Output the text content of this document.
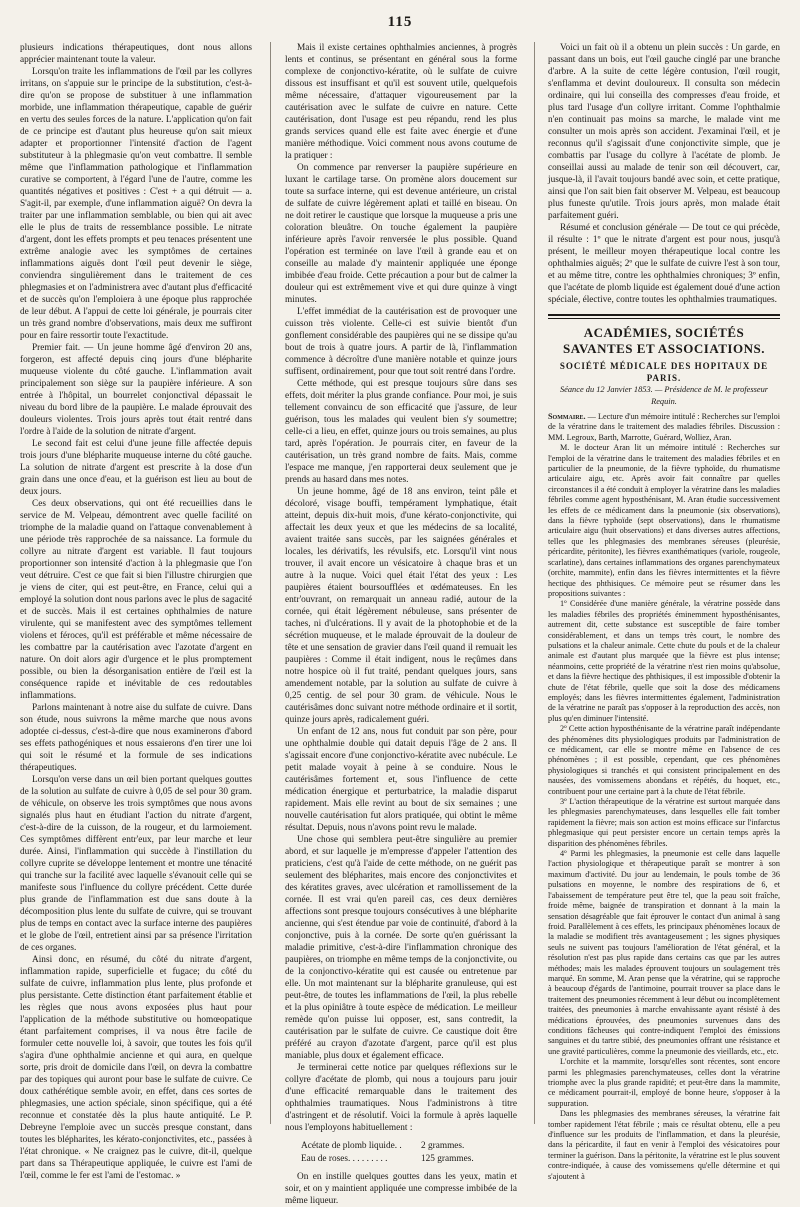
115

plusieurs indications thérapeutiques, dont nous allons apprécier maintenant toute la valeur.

Lorsqu'on traite les inflammations de l'œil par les collyres irritans, on s'appuie sur le principe de la substitution, c'est-à-dire qu'on se propose de substituer à une inflammation morbide, une inflammation thérapeutique, capable de guérir en vertu des seules forces de la nature. L'application qu'on fait de ce principe est d'autant plus heureuse qu'on sait mieux adapter et proportionner l'intensité d'action de l'agent substituteur à la phlegmasie qu'on veut combattre. Il semble même que l'inflammation pathologique et l'inflammation curative se comportent, à l'égard l'une de l'autre, comme les quantités négatives et positives : C'est + a qui détruit — a. S'agit-il, par exemple, d'une inflammation aiguë? On devra la traiter par une inflammation semblable, ou bien qui ait avec elle le plus de traits de ressemblance possible. Le nitrate d'argent, dont les effets prompts et peu tenaces présentent une extrême analogie avec les symptômes de certaines inflammations aiguës dont l'œil peut devenir le siège, conviendra singulièrement dans le traitement de ces phlegmasies et on l'administrera avec d'autant plus d'efficacité et de succès qu'on l'emploiera à une époque plus rapprochée de leur début. A l'appui de cette loi générale, je pourrais citer un très grand nombre d'observations, mais deux me suffiront pour en faire ressortir toute l'exactitude.

Premier fait. — Un jeune homme âgé d'environ 20 ans, forgeron, est affecté depuis cinq jours d'une blépharite muqueuse violente du côté gauche. L'inflammation avait principalement son siège sur la paupière inférieure. A son entrée à l'hôpital, un bourrelet conjonctival dépassait le niveau du bord libre de la paupière. Le malade éprouvait des douleurs violentes. Trois jours après tout était rentré dans l'ordre à l'aide de la solution de nitrate d'argent.

Le second fait est celui d'une jeune fille affectée depuis trois jours d'une blépharite muqueuse interne du côté gauche. La solution de nitrate d'argent est prescrite à la dose d'un grain dans une once d'eau, et la guérison est lieu au bout de deux jours.

Ces deux observations, qui ont été recueillies dans le service de M. Velpeau, démontrent avec quelle facilité on triomphe de la maladie quand on l'attaque convenablement à une période très rapprochée de sa naissance. La formule du collyre au nitrate d'argent est variable. Il faut toujours proportionner son intensité d'action à la phlegmasie que l'on veut détruire. C'est ce que fait si bien l'illustre chirurgien que je viens de citer, qui est peut-être, en France, celui qui a employé la solution dont nous parlons avec le plus de sagacité et de succès. Mais il est certaines ophthalmies de nature virulente, qui se manifestent avec des symptômes tellement violens et féroces, qu'il est préférable et même nécessaire de les combattre par la cautérisation avec l'azotate d'argent en nature. On doit alors agir d'urgence et le plus promptement possible, ou bien la désorganisation entière de l'œil est la conséquence rapide et inévitable de ces redoutables inflammations.

Parlons maintenant à notre aise du sulfate de cuivre. Dans son étude, nous suivrons la même marche que nous avons adoptée ci-dessus, c'est-à-dire que nous examinerons d'abord ses effets pathogéniques et nous essaierons d'en tirer une loi qui soit le résumé et la formule de ses indications thérapeutiques.

Lorsqu'on verse dans un œil bien portant quelques gouttes de la solution au sulfate de cuivre à 0,05 de sel pour 30 gram. de véhicule, on observe les trois symptômes que nous avons signalés plus haut en étudiant l'action du nitrate d'argent, c'est-à-dire de la cuisson, de la rougeur, et du larmoiement. Ces symptômes diffèrent entr'eux, par leur marche et leur durée. Ainsi, l'inflammation qui succède à l'instillation du collyre cuprite se développe lentement et montre une ténacité qui tranche sur la facilité avec laquelle s'évanouit celle qui se manifeste sous l'influence du collyre précédent. Cette durée plus grande de l'inflammation est due sans doute à la décomposition plus lente du sulfate de cuivre, qui se trouvant plus de temps en contact avec la surface interne des paupières et le globe de l'œil, entretient ainsi par sa présence l'irritation de ces organes.

Ainsi donc, en résumé, du côté du nitrate d'argent, inflammation rapide, superficielle et fugace; du côté du sulfate de cuivre, inflammation plus lente, plus profonde et plus persistante. Cette distinction étant parfaitement établie et les règles que nous avons exposées plus haut pour l'application de la méthode substitutive ou homœopatique étant parfaitement comprises, il va nous être facile de formuler cette nouvelle loi, à savoir, que toutes les fois qu'il s'agira d'une ophthalmie ancienne et qui aura, en quelque sorte, pris droit de domicile dans l'œil, on devra la combattre par des topiques qui auront pour base le sulfate de cuivre. Ce doux cathérétique semble avoir, en effet, dans ces sortes de phlegmasies, une action spéciale, sinon spécifique, qui a été reconnue et constatée dès la plus haute antiquité. Le P. Debreyne l'emploie avec un succès presque constant, dans toutes les blépharites, les kérato-conjonctivites, etc., passées à l'état chronique. « Ne craignez pas le cuivre, dit-il, quelque part dans sa Thérapeutique appliquée, le cuivre est l'ami de l'œil, comme le fer est l'ami de l'estomac. »

Mais il existe certaines ophthalmies anciennes, à progrès lents et continus, se présentant en général sous la forme complexe de conjonctivo-kératite, où le sulfate de cuivre dissous est insuffisant et qu'il est souvent utile, quelquefois même nécessaire, d'attaquer vigoureusement par la cautérisation avec le sulfate de cuivre en nature. Cette cautérisation, dont l'usage est peu répandu, rend les plus grands services quand elle est faite avec énergie et d'une manière méthodique. Voici comment nous avons coutume de la pratiquer :

On commence par renverser la paupière supérieure en luxant le cartilage tarse. On promène alors doucement sur toute sa surface interne, qui est devenue antérieure, un cristal de sulfate de cuivre légèrement aplati et taillé en biseau. On ne doit retirer le caustique que lorsque la muqueuse a pris une coloration bleuâtre. On touche également la paupière inférieure après l'avoir renversée le plus possible. Quand l'opération est terminée on lave l'œil à grande eau et on conseille au malade d'y maintenir appliquée une éponge imbibée d'eau froide. Cette précaution a pour but de calmer la douleur qui est extrêmement vive et qui dure quinze à vingt minutes.

L'effet immédiat de la cautérisation est de provoquer une cuisson très violente. Celle-ci est suivie bientôt d'un gonflement considérable des paupières qui ne se dissipe qu'au bout de trois à quatre jours. A partir de là, l'inflammation commence à décroître d'une manière notable et quinze jours suffisent, ordinairement, pour que tout soit rentré dans l'ordre.

Cette méthode, qui est presque toujours sûre dans ses effets, doit mériter la plus grande confiance. Pour moi, je suis tellement convaincu de son efficacité que j'assure, de leur guérison, tous les malades qui veulent bien s'y soumettre; celle-ci a lieu, en effet, quinze jours ou trois semaines, au plus tard, après l'opération. Je pourrais citer, en faveur de la cautérisation, un très grand nombre de faits. Mais, comme l'espace me manque, j'en rapporterai deux seulement que je prends au hasard dans mes notes.

Un jeune homme, âgé de 18 ans environ, teint pâle et décoloré, visage bouffi, tempérament lymphatique, était atteint, depuis dix-huit mois, d'une kérato-conjonctivite, qui affectait les deux yeux et que les médecins de sa localité, avaient traitée sans succès, par les saignées générales et locales, les dérivatifs, les révulsifs, etc. Lorsqu'il vint nous trouver, il avait encore un vésicatoire à chaque bras et un autre à la nuque. Voici quel était l'état des yeux : Les paupières étaient boursoufflées et œdémateuses. En les entr'ouvrant, on remarquait un anneau radié, autour de la cornée, qui était légèrement nébuleuse, sans présenter de taches, ni d'ulcérations. Il y avait de la photophobie et de la sécrétion muqueuse, et le malade éprouvait de la douleur de tête et une sensation de gravier dans l'œil quand il remuait les paupières : Comme il était indigent, nous le reçûmes dans notre hospice où il fut traité, pendant quelques jours, sans amendement notable, par la solution au sulfate de cuivre à 0,25 centig. de sel pour 30 gram. de véhicule. Nous le cautérisâmes donc suivant notre méthode ordinaire et il sortit, quinze jours après, radicalement guéri.

Un enfant de 12 ans, nous fut conduit par son père, pour une ophthalmie double qui datait depuis l'âge de 2 ans. Il s'agissait encore d'une conjonctivo-kératite avec nubécule. Le petit malade voyait à peine à se conduire. Nous le cautérisâmes fortement et, sous l'influence de cette médication énergique et perturbatrice, la maladie disparut rapidement. Mais elle revint au bout de six semaines ; une nouvelle cautérisation fut alors pratiquée, qui obtint le même résultat. Depuis, nous n'avons point revu le malade.

Une chose qui semblera peut-être singulière au premier abord, et sur laquelle je m'empresse d'appeler l'attention des praticiens, c'est qu'à l'aide de cette méthode, on ne guérit pas seulement des blépharites, mais encore des conjonctivites et des kératites graves, avec ulcération et ramollissement de la cornée. Il est vrai qu'en pareil cas, ces deux dernières affections sont presque toujours consécutives à une blépharite ancienne, qui s'est étendue par voie de continuité, d'abord à la conjonctive, puis à la cornée. De sorte qu'en guérissant la maladie primitive, c'est-à-dire l'inflammation chronique des paupières, on triomphe en même temps de la conjonctivite, ou de la conjonctivo-kératite qui est causée ou entretenue par elle. Un mot maintenant sur la blépharite granuleuse, qui est peut-être, de toutes les inflammations de l'œil, la plus rebelle et la plus opiniâtre à toute espèce de médication. Le meilleur remède qu'on puisse lui opposer, est, sans contredit, la cautérisation par le sulfate de cuivre. Ce caustique doit être préféré au crayon d'azotate d'argent, parce qu'il est plus maniable, plus doux et également efficace.

Je terminerai cette notice par quelques réflexions sur le collyre d'acétate de plomb, qui nous a toujours paru jouir d'une efficacité remarquable dans le traitement des ophthalmies traumatiques. Nous l'administrons à titre d'astringent et de résolutif. Voici la formule à après laquelle nous l'employons habituellement :

Acétate de plomb liquide. .	2 grammes.
Eau de roses. . . . . . . . .	125 grammes.

On en instille quelques gouttes dans les yeux, matin et soir, et on y maintient appliquée une compresse imbibée de la même liqueur.

Voici un fait où il a obtenu un plein succès : Un garde, en passant dans un bois, eut l'œil gauche cinglé par une branche d'arbre. A la suite de cette légère contusion, l'œil rougit, s'enflamma et devint douloureux. Il consulta son médecin ordinaire, qui lui conseilla des compresses d'eau froide, et plus tard l'usage d'un collyre irritant. Comme l'ophthalmie n'en continuait pas moins sa marche, le malade vint me consulter un mois après son accident. J'examinai l'œil, et je reconnus qu'il s'agissait d'une conjonctivite simple, que je combattis par l'usage du collyre à l'acétate de plomb. Je conseillai aussi au malade de tenir son œil découvert, car, jusque-là, il l'avait toujours bandé avec soin, et cette pratique, ainsi que l'on sait bien fait observer M. Velpeau, est beaucoup plus funeste qu'utile. Trois jours après, mon malade était parfaitement guéri.

Résumé et conclusion générale — De tout ce qui précède, il résulte : 1º que le nitrate d'argent est pour nous, jusqu'à présent, le meilleur moyen thérapeutique local contre les ophthalmies aiguës; 2º que le sulfate de cuivre l'est à son tour, et au même titre, contre les ophthalmies chroniques; 3º enfin, que l'acétate de plomb liquide est également doué d'une action spéciale, élective, contre toutes les ophthalmies traumatiques.

ACADÉMIES, SOCIÉTÉS SAVANTES ET ASSOCIATIONS.
SOCIÉTÉ MÉDICALE DES HOPITAUX DE PARIS.
Séance du 12 Janvier 1853. — Présidence de M. le professeur Requin.

Sommaire. — Lecture d'un mémoire intitulé : Recherches sur l'emploi de la vératrine dans le traitement des maladies fébriles. Discussion : MM. Legroux, Barth, Marrotte, Guérard, Wolliez, Aran.

M. le docteur Aran lit un mémoire intitulé : Recherches sur l'emploi de la vératrine dans le traitement des maladies fébriles et en particulier de la pneumonie, de la fièvre typhoïde, du rhumatisme articulaire aigu, etc. Après avoir fait connaître par quelles circonstances il a été conduit à employer la vératrine dans les maladies fébriles comme agent hyposthénisant, M. Aran étudie successivement les effets de ce médicament dans la pneumonie (six observations), dans la fièvre typhoïde (sept observations), dans le rhumatisme articulaire aigu (huit observations) et dans diverses autres affections, telles que les phlegmasies des membranes séreuses (pleurésie, péricardite, péritonite), les fièvres exanthématiques (variole, rougeole, scarlatine), dans certaines inflammations des organes parenchymateux (orchite, mammite), enfin dans les fièvres intermittentes et la fièvre hectique des phthisiques. Ce mémoire peut se résumer dans les propositions suivantes :

1º Considérée d'une manière générale, la vératrine possède dans les maladies fébriles des propriétés éminemment hyposthénisantes, autrement dit, cette substance est susceptible de faire tomber considérablement, et dans un temps très court, le nombre des pulsations et la chaleur animale. Cette chute du pouls et de la chaleur animale est d'autant plus marquée que la fièvre est plus intense; néanmoins, cette propriété de la vératrine n'est rien moins qu'absolue, et dans la fièvre hectique des phthisiques, il est impossible d'obtenir la chute de l'état fébrile, quelle que soit la dose des médicamens employés; dans les fièvres intermittentes également, l'administration de la vératrine ne paraît pas s'opposer à la reproduction des accès, non plus qu'en diminuer l'intensité.

2º Cette action hyposthénisante de la vératrine paraît indépendante des phénomènes dits physiologiques produits par l'administration de ce médicament, car elle se montre même en l'absence de ces phénomènes ; il est possible, cependant, que ces phénomènes physiologiques si tranchés et qui consistent principalement en des nausées, des vomissemens abondans et répétés, du hoquet, etc., contribuent pour une certaine part à la chute de l'état fébrile.

3º L'action thérapeutique de la vératrine est surtout marquée dans les phlegmasies parenchymateuses, dans lesquelles elle fait tomber rapidement la fièvre; mais son action est moins efficace sur l'infarctus phlegmasique qui peut persister encore un certain temps après la disparition des phénomènes fébriles.

4º Parmi les phlegmasies, la pneumonie est celle dans laquelle l'action physiologique et thérapeutique paraît se montrer à son maximum d'activité. Du jour au lendemain, le pouls tombe de 36 pulsations en moyenne, le nombre des respirations de 6, et l'abaissement de température peut être tel, que la peau soit fraîche, froide même, baignée de transpiration et donnant à la main la sensation désagréable que fait éprouver le contact d'un animal à sang froid. Parallèlement à ces effets, les principaux phénomènes locaux de la maladie se modifient très avantageusement ; les signes physiques seuls ne suivent pas toujours l'amélioration de l'état général, et la résolution n'est pas plus rapide dans certains cas que par les autres méthodes; mais les malades éprouvent toujours un soulagement très marqué. En somme, M. Aran pense que la vératrine, qui se rapproche à beaucoup d'égards de l'antimoine, pourrait trouver sa place dans le traitement des pneumonies récemment à leur début ou incomplètement traitées, des pneumonies à marche envahissante ayant résisté à des médications éprouvées, des pneumonies survenues dans des conditions fâcheuses qui contre-indiquent l'emploi des émissions sanguines et du tartre stibié, des pneumonies offrant une résistance et une gravité particulières, comme la pneumonie des vieillards, etc., etc.

L'orchite et la mammite, lorsqu'elles sont récentes, sont encore parmi les phlegmasies parenchymateuses, celles dont la vératrine triomphe avec la plus grande rapidité; et peut-être dans la mammite, ce médicament pourrait-il, employé de bonne heure, s'opposer à la suppuration.

Dans les phlegmasies des membranes séreuses, la vératrine fait tomber rapidement l'état fébrile ; mais ce résultat obtenu, elle a peu d'influence sur les produits de l'inflammation, et dans la pleurésie, dans la péricardite, il faut en venir à l'emploi des vésicatoires pour terminer la guérison. Dans la péritonite, la vératrine est le plus souvent contre-indiquée, à cause des vomissemens qu'elle détermine et qui s'ajoutent à
